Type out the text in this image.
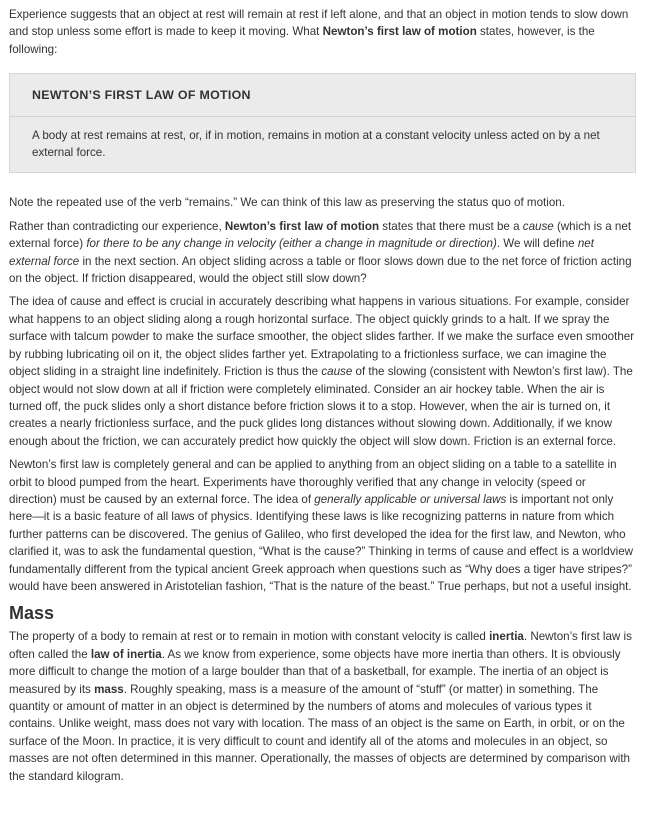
Experience suggests that an object at rest will remain at rest if left alone, and that an object in motion tends to slow down and stop unless some effort is made to keep it moving. What Newton’s first law of motion states, however, is the following:

NEWTON’S FIRST LAW OF MOTION
A body at rest remains at rest, or, if in motion, remains in motion at a constant velocity unless acted on by a net external force.

Note the repeated use of the verb “remains.” We can think of this law as preserving the status quo of motion.

Rather than contradicting our experience, Newton’s first law of motion states that there must be a cause (which is a net external force) for there to be any change in velocity (either a change in magnitude or direction). We will define net external force in the next section. An object sliding across a table or floor slows down due to the net force of friction acting on the object. If friction disappeared, would the object still slow down?

The idea of cause and effect is crucial in accurately describing what happens in various situations. For example, consider what happens to an object sliding along a rough horizontal surface. The object quickly grinds to a halt. If we spray the surface with talcum powder to make the surface smoother, the object slides farther. If we make the surface even smoother by rubbing lubricating oil on it, the object slides farther yet. Extrapolating to a frictionless surface, we can imagine the object sliding in a straight line indefinitely. Friction is thus the cause of the slowing (consistent with Newton’s first law). The object would not slow down at all if friction were completely eliminated. Consider an air hockey table. When the air is turned off, the puck slides only a short distance before friction slows it to a stop. However, when the air is turned on, it creates a nearly frictionless surface, and the puck glides long distances without slowing down. Additionally, if we know enough about the friction, we can accurately predict how quickly the object will slow down. Friction is an external force.

Newton’s first law is completely general and can be applied to anything from an object sliding on a table to a satellite in orbit to blood pumped from the heart. Experiments have thoroughly verified that any change in velocity (speed or direction) must be caused by an external force. The idea of generally applicable or universal laws is important not only here—it is a basic feature of all laws of physics. Identifying these laws is like recognizing patterns in nature from which further patterns can be discovered. The genius of Galileo, who first developed the idea for the first law, and Newton, who clarified it, was to ask the fundamental question, “What is the cause?” Thinking in terms of cause and effect is a worldview fundamentally different from the typical ancient Greek approach when questions such as “Why does a tiger have stripes?” would have been answered in Aristotelian fashion, “That is the nature of the beast.” True perhaps, but not a useful insight.

Mass

The property of a body to remain at rest or to remain in motion with constant velocity is called inertia. Newton’s first law is often called the law of inertia. As we know from experience, some objects have more inertia than others. It is obviously more difficult to change the motion of a large boulder than that of a basketball, for example. The inertia of an object is measured by its mass. Roughly speaking, mass is a measure of the amount of “stuff” (or matter) in something. The quantity or amount of matter in an object is determined by the numbers of atoms and molecules of various types it contains. Unlike weight, mass does not vary with location. The mass of an object is the same on Earth, in orbit, or on the surface of the Moon. In practice, it is very difficult to count and identify all of the atoms and molecules in an object, so masses are not often determined in this manner. Operationally, the masses of objects are determined by comparison with the standard kilogram.
